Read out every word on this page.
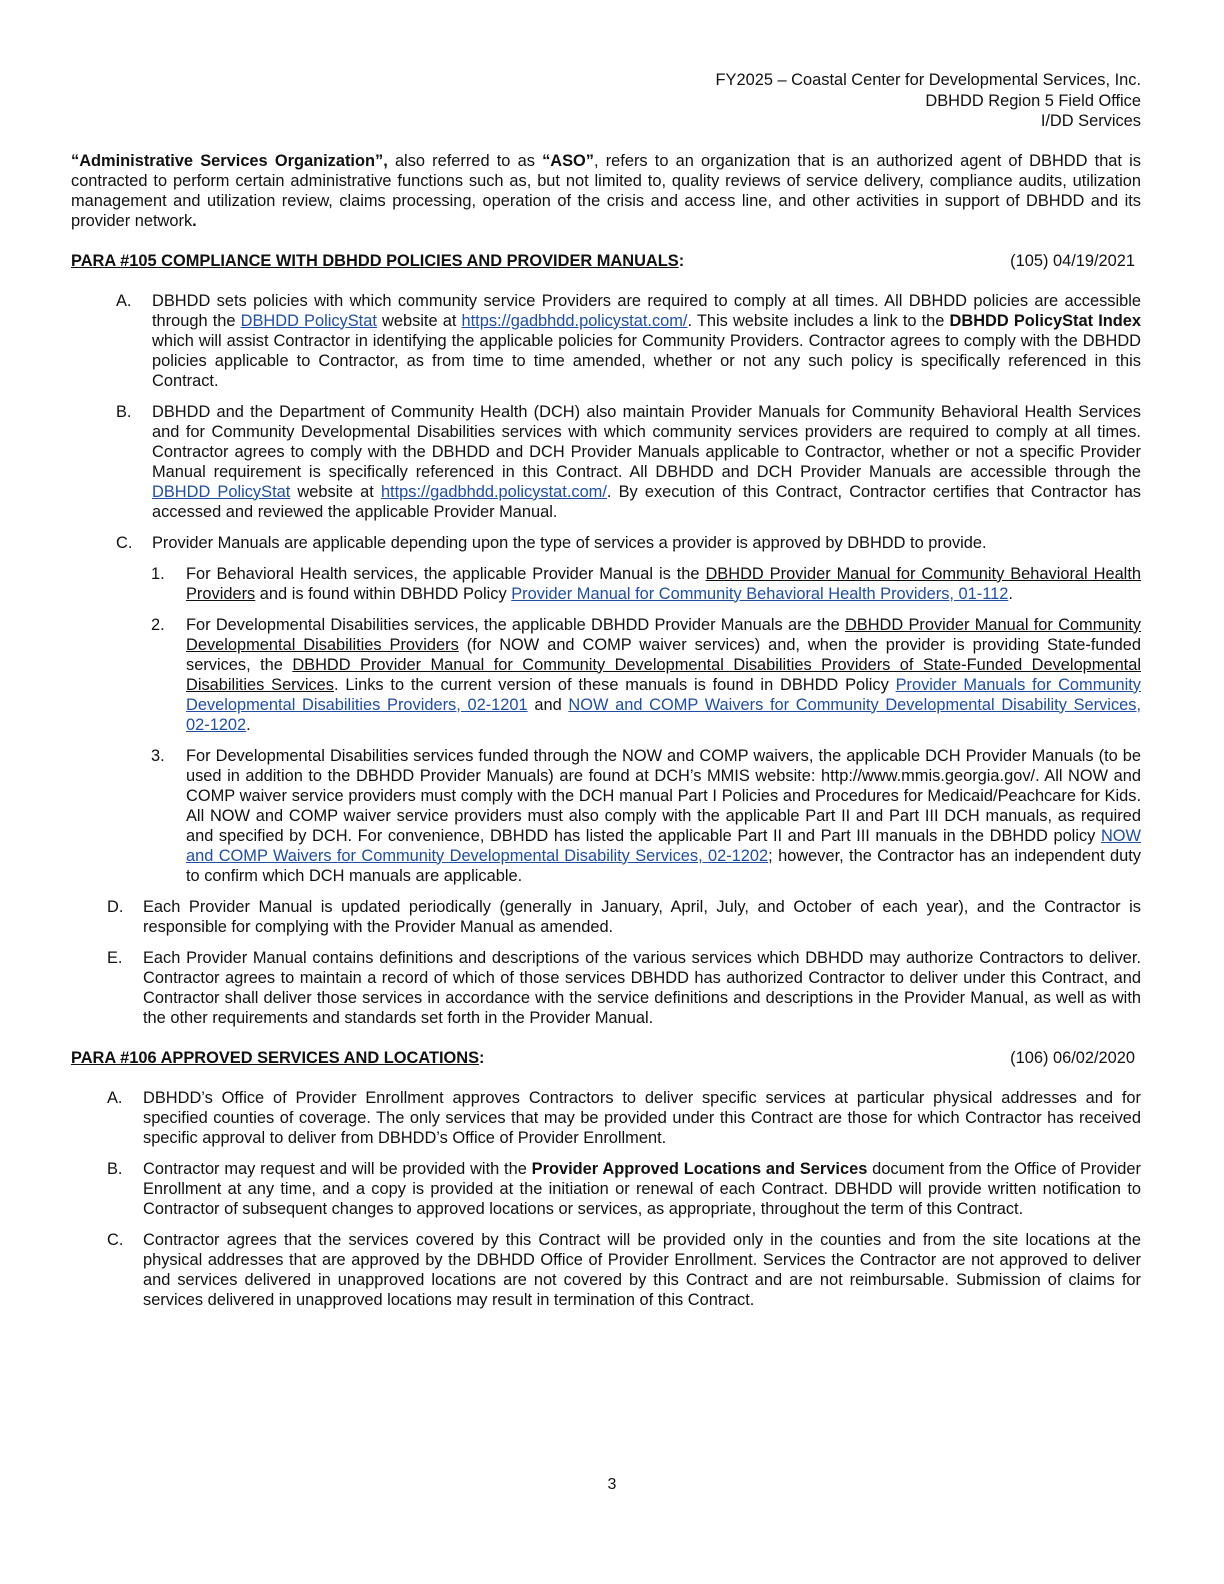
FY2025 – Coastal Center for Developmental Services, Inc.
DBHDD Region 5 Field Office
I/DD Services

“Administrative Services Organization”, also referred to as “ASO”, refers to an organization that is an authorized agent of DBHDD that is contracted to perform certain administrative functions such as, but not limited to, quality reviews of service delivery, compliance audits, utilization management and utilization review, claims processing, operation of the crisis and access line, and other activities in support of DBHDD and its provider network.

PARA #105 COMPLIANCE WITH DBHDD POLICIES AND PROVIDER MANUALS:	(105) 04/19/2021
A.	DBHDD sets policies with which community service Providers are required to comply at all times. All DBHDD policies are accessible through the DBHDD PolicyStat website at https://gadbhdd.policystat.com/. This website includes a link to the DBHDD PolicyStat Index which will assist Contractor in identifying the applicable policies for Community Providers. Contractor agrees to comply with the DBHDD policies applicable to Contractor, as from time to time amended, whether or not any such policy is specifically referenced in this Contract.
B.	DBHDD and the Department of Community Health (DCH) also maintain Provider Manuals for Community Behavioral Health Services and for Community Developmental Disabilities services with which community services providers are required to comply at all times. Contractor agrees to comply with the DBHDD and DCH Provider Manuals applicable to Contractor, whether or not a specific Provider Manual requirement is specifically referenced in this Contract. All DBHDD and DCH Provider Manuals are accessible through the DBHDD PolicyStat website at https://gadbhdd.policystat.com/. By execution of this Contract, Contractor certifies that Contractor has accessed and reviewed the applicable Provider Manual.
C.	Provider Manuals are applicable depending upon the type of services a provider is approved by DBHDD to provide.
1.	For Behavioral Health services, the applicable Provider Manual is the DBHDD Provider Manual for Community Behavioral Health Providers and is found within DBHDD Policy Provider Manual for Community Behavioral Health Providers, 01-112.
2.	For Developmental Disabilities services, the applicable DBHDD Provider Manuals are the DBHDD Provider Manual for Community Developmental Disabilities Providers (for NOW and COMP waiver services) and, when the provider is providing State-funded services, the DBHDD Provider Manual for Community Developmental Disabilities Providers of State-Funded Developmental Disabilities Services. Links to the current version of these manuals is found in DBHDD Policy Provider Manuals for Community Developmental Disabilities Providers, 02-1201 and NOW and COMP Waivers for Community Developmental Disability Services, 02-1202.
3.	For Developmental Disabilities services funded through the NOW and COMP waivers, the applicable DCH Provider Manuals (to be used in addition to the DBHDD Provider Manuals) are found at DCH’s MMIS website: http://www.mmis.georgia.gov/. All NOW and COMP waiver service providers must comply with the DCH manual Part I Policies and Procedures for Medicaid/Peachcare for Kids. All NOW and COMP waiver service providers must also comply with the applicable Part II and Part III DCH manuals, as required and specified by DCH. For convenience, DBHDD has listed the applicable Part II and Part III manuals in the DBHDD policy NOW and COMP Waivers for Community Developmental Disability Services, 02-1202; however, the Contractor has an independent duty to confirm which DCH manuals are applicable.
D.	Each Provider Manual is updated periodically (generally in January, April, July, and October of each year), and the Contractor is responsible for complying with the Provider Manual as amended.
E.	Each Provider Manual contains definitions and descriptions of the various services which DBHDD may authorize Contractors to deliver. Contractor agrees to maintain a record of which of those services DBHDD has authorized Contractor to deliver under this Contract, and Contractor shall deliver those services in accordance with the service definitions and descriptions in the Provider Manual, as well as with the other requirements and standards set forth in the Provider Manual.
PARA #106 APPROVED SERVICES AND LOCATIONS:	(106) 06/02/2020
A.	DBHDD’s Office of Provider Enrollment approves Contractors to deliver specific services at particular physical addresses and for specified counties of coverage. The only services that may be provided under this Contract are those for which Contractor has received specific approval to deliver from DBHDD’s Office of Provider Enrollment.
B.	Contractor may request and will be provided with the Provider Approved Locations and Services document from the Office of Provider Enrollment at any time, and a copy is provided at the initiation or renewal of each Contract. DBHDD will provide written notification to Contractor of subsequent changes to approved locations or services, as appropriate, throughout the term of this Contract.
C.	Contractor agrees that the services covered by this Contract will be provided only in the counties and from the site locations at the physical addresses that are approved by the DBHDD Office of Provider Enrollment. Services the Contractor are not approved to deliver and services delivered in unapproved locations are not covered by this Contract and are not reimbursable. Submission of claims for services delivered in unapproved locations may result in termination of this Contract.
3
